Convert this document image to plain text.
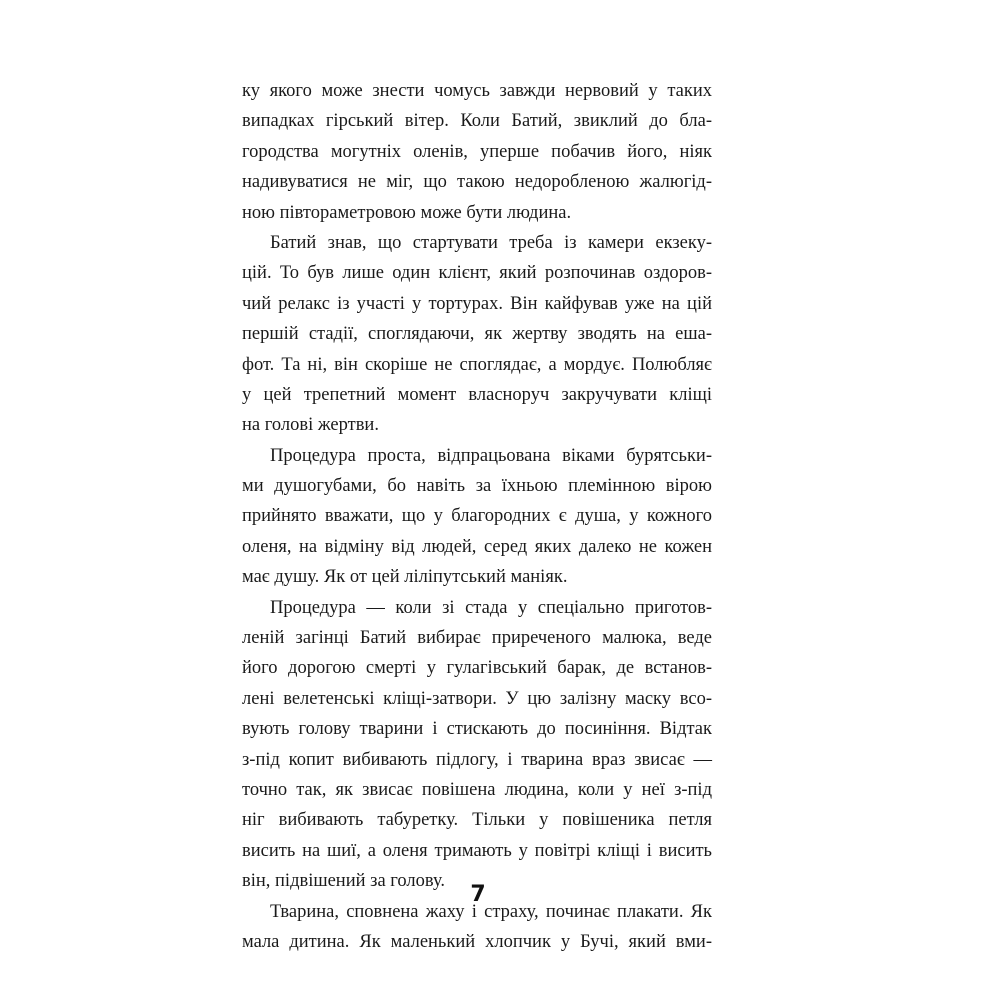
ку якого може знести чомусь завжди нервовий у таких
випадках гірський вітер. Коли Батий, звиклий до бла-
городства могутніх оленів, уперше побачив його, ніяк
надивуватися не міг, що такою недоробленою жалюгід-
ною півтораметровою може бути людина.

Батий знав, що стартувати треба із камери екзеку-
цій. То був лише один клієнт, який розпочинав оздоров-
чий релакс із участі у тортурах. Він кайфував уже на цій
першій стадії, споглядаючи, як жертву зводять на еша-
фот. Та ні, він скоріше не споглядає, а мордує. Полюбляє
у цей трепетний момент власноруч закручувати кліщі
на голові жертви.

Процедура проста, відпрацьована віками бурятськи-
ми душогубами, бо навіть за їхньою племінною вірою
прийнято вважати, що у благородних є душа, у кожного
оленя, на відміну від людей, серед яких далеко не кожен
має душу. Як от цей ліліпутський маніяк.

Процедура — коли зі стада у спеціально приготов-
леній загінці Батий вибирає приреченого малюка, веде
його дорогою смерті у гулагівський барак, де встанов-
лені велетенські кліщі-затвори. У цю залізну маску всо-
вують голову тварини і стискають до посиніння. Відтак
з-під копит вибивають підлогу, і тварина враз звисає —
точно так, як звисає повішена людина, коли у неї з-під
ніг вибивають табуретку. Тільки у повішеника петля
висить на шиї, а оленя тримають у повітрі кліщі і висить
він, підвішений за голову.

Тварина, сповнена жаху і страху, починає плакати. Як
мала дитина. Як маленький хлопчик у Бучі, який вми-

7
